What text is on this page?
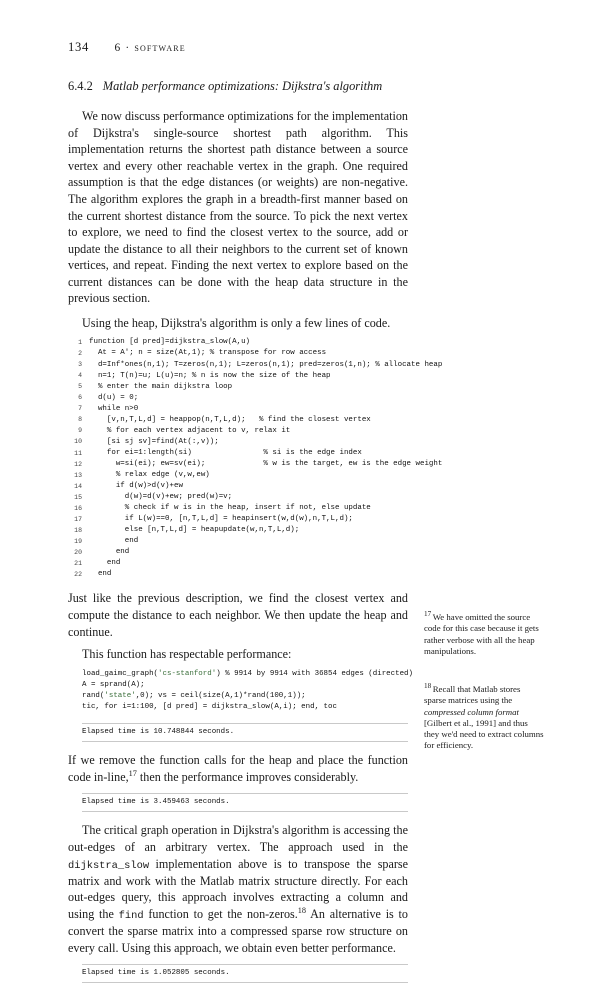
134 6 · software
6.4.2 Matlab performance optimizations: Dijkstra's algorithm

We now discuss performance optimizations for the implementation of Dijkstra's single-source shortest path algorithm. This implementation returns the shortest path distance between a source vertex and every other reachable vertex in the graph. One required assumption is that the edge distances (or weights) are non-negative. The algorithm explores the graph in a breadth-first manner based on the current shortest distance from the source. To pick the next vertex to explore, we need to find the closest vertex to the source, add or update the distance to all their neighbors to the current set of known vertices, and repeat. Finding the next vertex to explore based on the current distances can be done with the heap data structure in the previous section.

Using the heap, Dijkstra's algorithm is only a few lines of code.

1 function [d pred]=dijkstra_slow(A,u)
2 At = A'; n = size(At,1); % transpose for row access
3 d=Inf*ones(n,1); T=zeros(n,1); L=zeros(n,1); pred=zeros(1,n); % allocate heap
4 n=1; T(n)=u; L(u)=n; % n is now the size of the heap
5 % enter the main dijkstra loop
6 d(u) = 0;
7 while n>0
8 [v,n,T,L,d] = heappop(n,T,L,d);   % find the closest vertex
9 % for each vertex adjacent to v, relax it
10 [si sj sv]=find(At(:,v));
11 for ei=1:length(si)                % si is the edge index
12 w=si(ei); ew=sv(ei);             % w is the target, ew is the edge weight
13 % relax edge (v,w,ew)
14 if d(w)>d(v)+ew
15 d(w)=d(v)+ew; pred(w)=v;
16 % check if w is in the heap, insert if not, else update
17 if L(w)==0, [n,T,L,d] = heapinsert(w,d(w),n,T,L,d);
18 else [n,T,L,d] = heapupdate(w,n,T,L,d);
19 end
20 end
21 end
22 end

Just like the previous description, we find the closest vertex and compute the distance to each neighbor. We then update the heap and continue.

This function has respectable performance:

load_gaimc_graph('cs-stanford') % 9914 by 9914 with 36854 edges (directed)
A = sprand(A);
rand('state',0); vs = ceil(size(A,1)*rand(100,1));
tic, for i=1:100, [d pred] = dijkstra_slow(A,i); end, toc
Elapsed time is 10.748844 seconds.

If we remove the function calls for the heap and place the function code in-line,$^{17}$ then the performance improves considerably.

Elapsed time is 3.459463 seconds.

The critical graph operation in Dijkstra's algorithm is accessing the out-edges of an arbitrary vertex. The approach used in the dijkstra_slow implementation above is to transpose the sparse matrix and work with the Matlab matrix structure directly. For each out-edges query, this approach involves extracting a column and using the find function to get the non-zeros.$^{18}$ An alternative is to convert the sparse matrix into a compressed sparse row structure on every call. Using this approach, we obtain even better performance.

Elapsed time is 1.052805 seconds.
$^{17}$ We have omitted the source code for this case because it gets rather verbose with all the heap manipulations.
$^{18}$ Recall that Matlab stores sparse matrices using the compressed column format [Gilbert et al., 1991] and thus they we'd need to extract columns for efficiency.
